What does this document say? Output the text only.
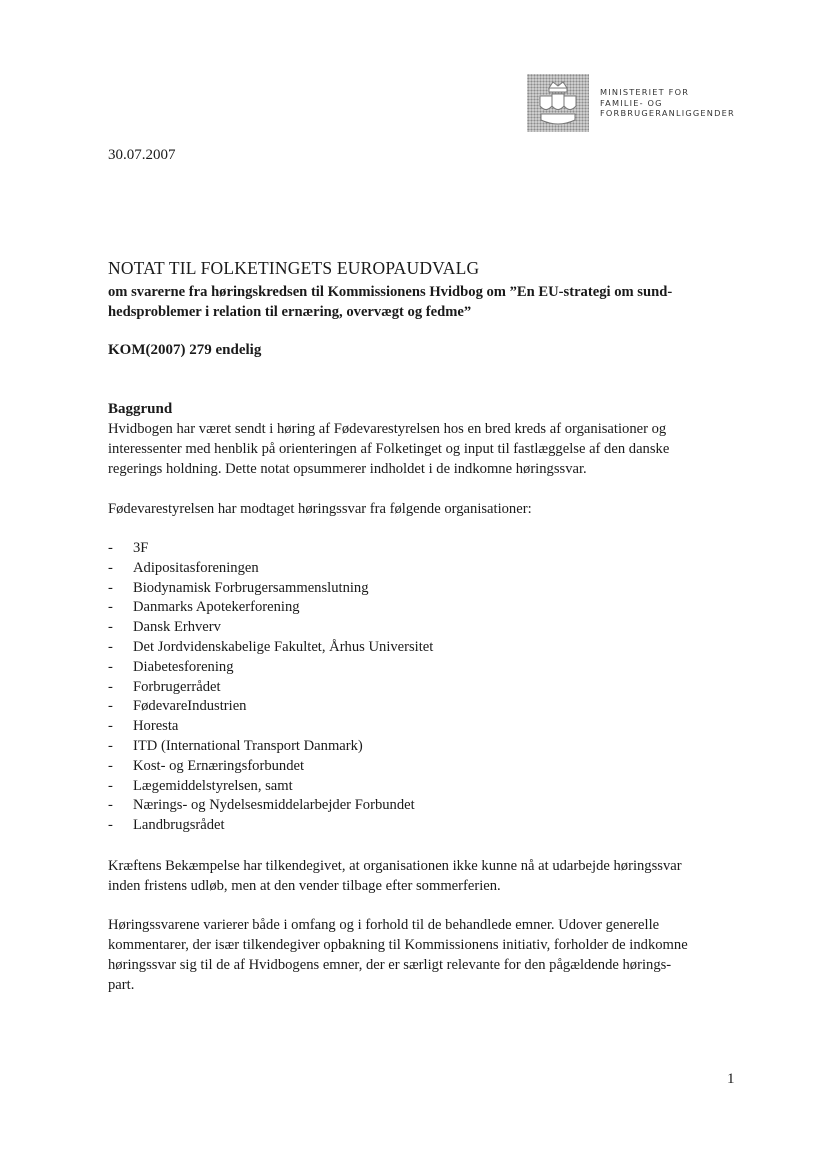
MINISTERIET FOR
FAMILIE- OG
FORBRUGERANLIGGENDER
30.07.2007
NOTAT TIL FOLKETINGETS EUROPAUDVALG
om svarerne fra høringskredsen til Kommissionens Hvidbog om ”En EU-strategi om sund-
hedsproblemer i relation til ernæring, overvægt og fedme”
KOM(2007) 279 endelig
Baggrund
Hvidbogen har været sendt i høring af Fødevarestyrelsen hos en bred kreds af organisationer og
interessenter med henblik på orienteringen af Folketinget og input til fastlæggelse af den danske
regerings holdning. Dette notat opsummerer indholdet i de indkomne høringssvar.
Fødevarestyrelsen har modtaget høringssvar fra følgende organisationer:
- 3F
- Adipositasforeningen
- Biodynamisk Forbrugersammenslutning
- Danmarks Apotekerforening
- Dansk Erhverv
- Det Jordvidenskabelige Fakultet, Århus Universitet
- Diabetesforening
- Forbrugerrådet
- FødevareIndustrien
- Horesta
- ITD (International Transport Danmark)
- Kost- og Ernæringsforbundet
- Lægemiddelstyrelsen, samt
- Nærings- og Nydelsesmiddelarbejder Forbundet
- Landbrugsrådet
Kræftens Bekæmpelse har tilkendegivet, at organisationen ikke kunne nå at udarbejde høringssvar
inden fristens udløb, men at den vender tilbage efter sommerferien.
Høringssvarene varierer både i omfang og i forhold til de behandlede emner. Udover generelle
kommentarer, der især tilkendegiver opbakning til Kommissionens initiativ, forholder de indkomne
høringssvar sig til de af Hvidbogens emner, der er særligt relevante for den pågældende hørings-
part.
1
